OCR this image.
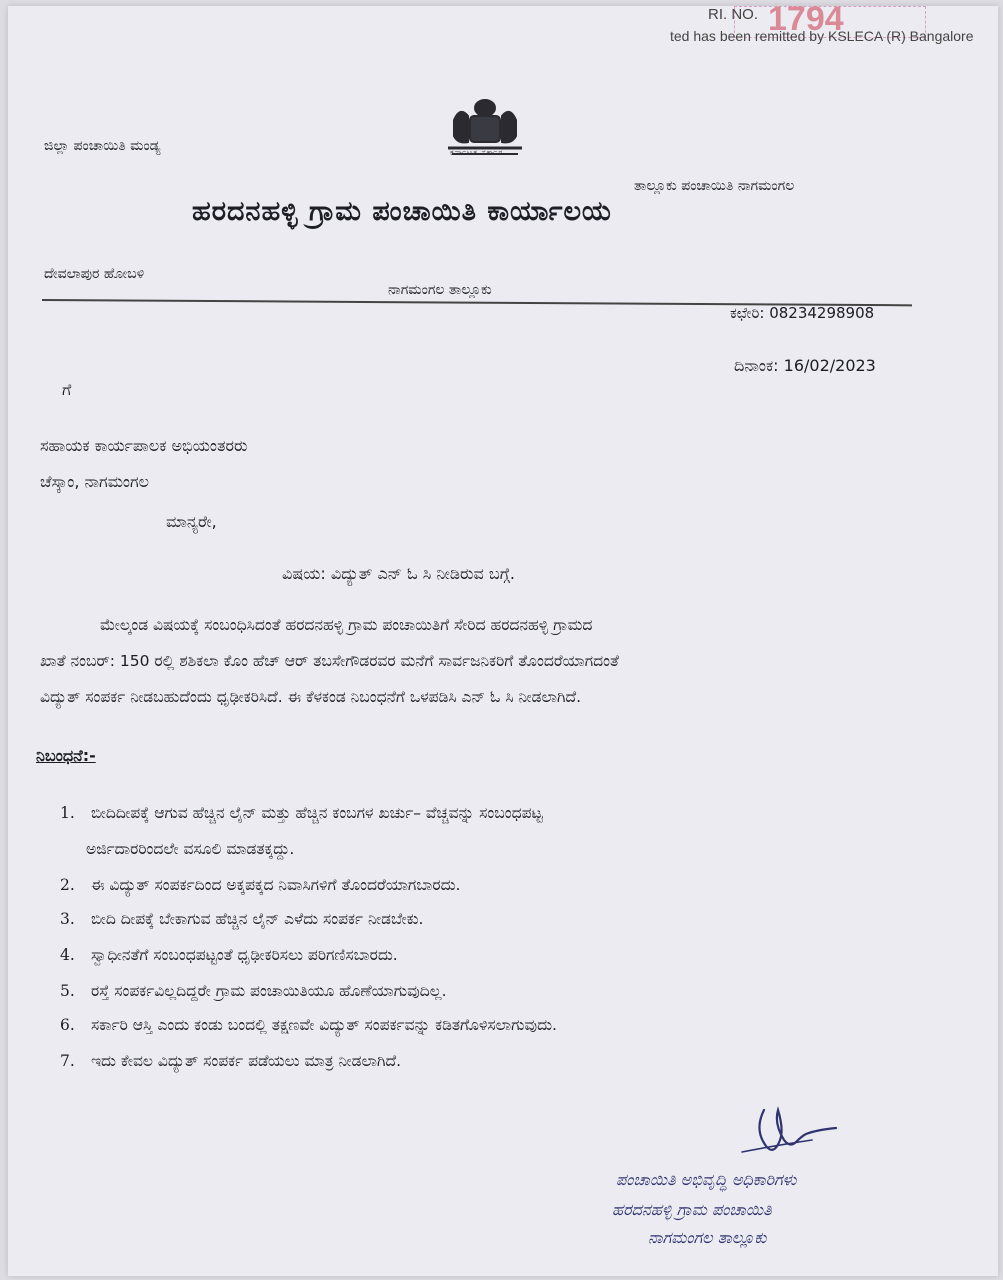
RI. NO. 1794
ted has been remitted by KSLECA (R) Bangalore
ಕರ್ನಾಟಕ ಸರ್ಕಾರ
ಜಿಲ್ಲಾ ಪಂಚಾಯಿತಿ ಮಂಡ್ಯ
ತಾಲ್ಲೂಕು ಪಂಚಾಯಿತಿ ನಾಗಮಂಗಲ
ಹರದನಹಳ್ಳಿ ಗ್ರಾಮ ಪಂಚಾಯಿತಿ ಕಾರ್ಯಾಲಯ
ದೇವಲಾಪುರ ಹೋಬಳಿ
ನಾಗಮಂಗಲ ತಾಲ್ಲೂಕು
ಕಛೇರಿ: 08234298908
ದಿನಾಂಕ: 16/02/2023
ಗೆ
ಸಹಾಯಕ ಕಾರ್ಯಪಾಲಕ ಅಭಿಯಂತರರು
ಚೆಸ್ಕಾಂ, ನಾಗಮಂಗಲ
ಮಾನ್ಯರೇ,
ವಿಷಯ: ವಿದ್ಯುತ್ ಎನ್ ಓ ಸಿ ನೀಡಿರುವ ಬಗ್ಗೆ.
ಮೇಲ್ಕಂಡ ವಿಷಯಕ್ಕೆ ಸಂಬಂಧಿಸಿದಂತೆ ಹರದನಹಳ್ಳಿ ಗ್ರಾಮ ಪಂಚಾಯಿತಿಗೆ ಸೇರಿದ ಹರದನಹಳ್ಳಿ ಗ್ರಾಮದ
ಖಾತೆ ನಂಬರ್: 150 ರಲ್ಲಿ ಶಶಿಕಲಾ ಕೊಂ ಹೆಚ್ ಆರ್ ತಬಸೇಗೌಡರವರ ಮನೆಗೆ ಸಾರ್ವಜನಿಕರಿಗೆ ತೊಂದರೆಯಾಗದಂತೆ
ವಿದ್ಯುತ್ ಸಂಪರ್ಕ ನೀಡಬಹುದೆಂದು ಧೃಢೀಕರಿಸಿದೆ. ಈ ಕೆಳಕಂಡ ನಿಬಂಧನೆಗೆ ಒಳಪಡಿಸಿ ಎನ್ ಓ ಸಿ ನೀಡಲಾಗಿದೆ.
ನಿಬಂಧನೆ:-
1. ಬೀದಿದೀಪಕ್ಕೆ ಆಗುವ ಹೆಚ್ಚಿನ ಲೈನ್ ಮತ್ತು ಹೆಚ್ಚಿನ ಕಂಬಗಳ ಖರ್ಚು– ವೆಚ್ಚವನ್ನು ಸಂಬಂಧಪಟ್ಟ
ಅರ್ಜಿದಾರರಿಂದಲೇ ವಸೂಲಿ ಮಾಡತಕ್ಕದ್ದು.
2. ಈ ವಿದ್ಯುತ್ ಸಂಪರ್ಕದಿಂದ ಅಕ್ಕಪಕ್ಕದ ನಿವಾಸಿಗಳಿಗೆ ತೊಂದರೆಯಾಗಬಾರದು.
3. ಬೀದಿ ದೀಪಕ್ಕೆ ಬೇಕಾಗುವ ಹೆಚ್ಚಿನ ಲೈನ್ ಎಳೆದು ಸಂಪರ್ಕ ನೀಡಬೇಕು.
4. ಸ್ವಾಧೀನತೆಗೆ ಸಂಬಂಧಪಟ್ಟಂತೆ ಧೃಢೀಕರಿಸಲು ಪರಿಗಣಿಸಬಾರದು.
5. ರಸ್ತೆ ಸಂಪರ್ಕವಿಲ್ಲದಿದ್ದರೇ ಗ್ರಾಮ ಪಂಚಾಯಿತಿಯೂ ಹೊಣೆಯಾಗುವುದಿಲ್ಲ.
6. ಸರ್ಕಾರಿ ಆಸ್ತಿ ಎಂದು ಕಂಡು ಬಂದಲ್ಲಿ ತಕ್ಷಣವೇ ವಿದ್ಯುತ್ ಸಂಪರ್ಕವನ್ನು ಕಡಿತಗೊಳಿಸಲಾಗುವುದು.
7. ಇದು ಕೇವಲ ವಿದ್ಯುತ್ ಸಂಪರ್ಕ ಪಡೆಯಲು ಮಾತ್ರ ನೀಡಲಾಗಿದೆ.
ಪಂಚಾಯಿತಿ ಅಭಿವೃದ್ಧಿ ಅಧಿಕಾರಿಗಳು
ಹರದನಹಳ್ಳಿ ಗ್ರಾಮ ಪಂಚಾಯಿತಿ
ನಾಗಮಂಗಲ ತಾಲ್ಲೂಕು
